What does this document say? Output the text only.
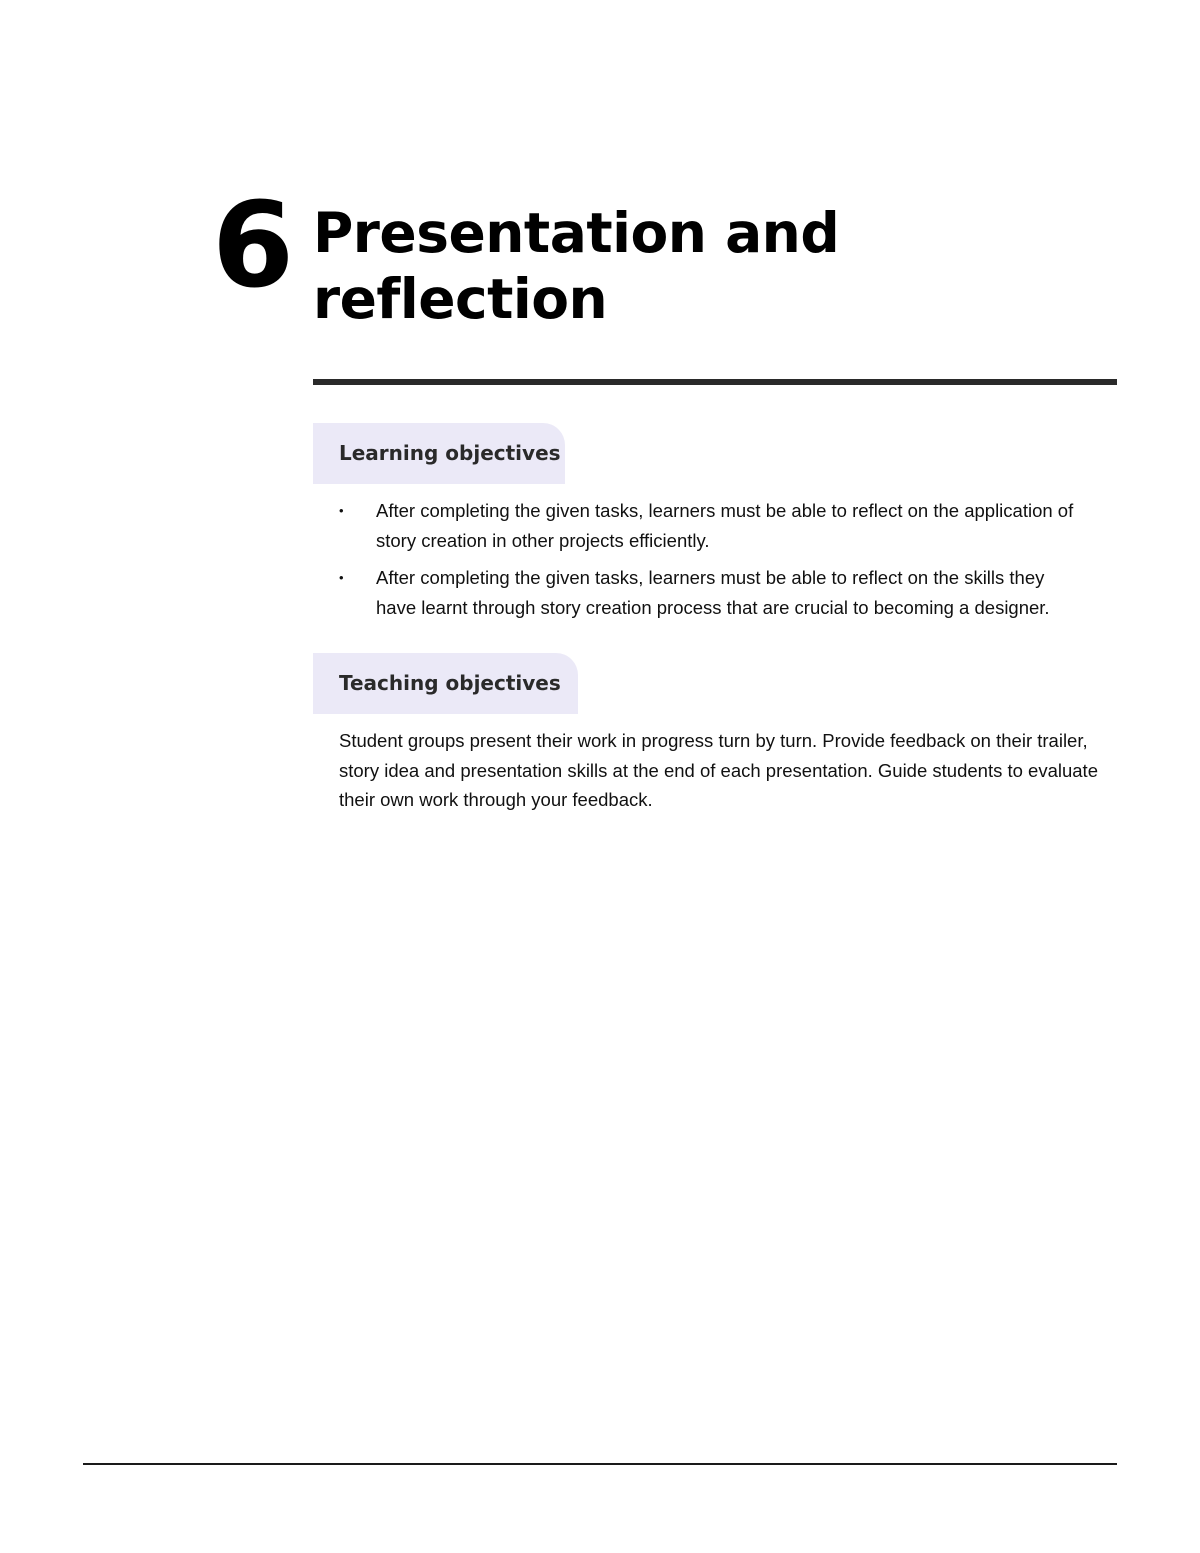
6 Presentation and
reflection
Learning objectives
•	After completing the given tasks, learners must be able to reflect on the application of story creation in other projects efficiently.
•	After completing the given tasks, learners must be able to reflect on the skills they have learnt through story creation process that are crucial to becoming a designer.
Teaching objectives

Student groups present their work in progress turn by turn. Provide feedback on their trailer, story idea and presentation skills at the end of each presentation. Guide students to evaluate their own work through your feedback.
